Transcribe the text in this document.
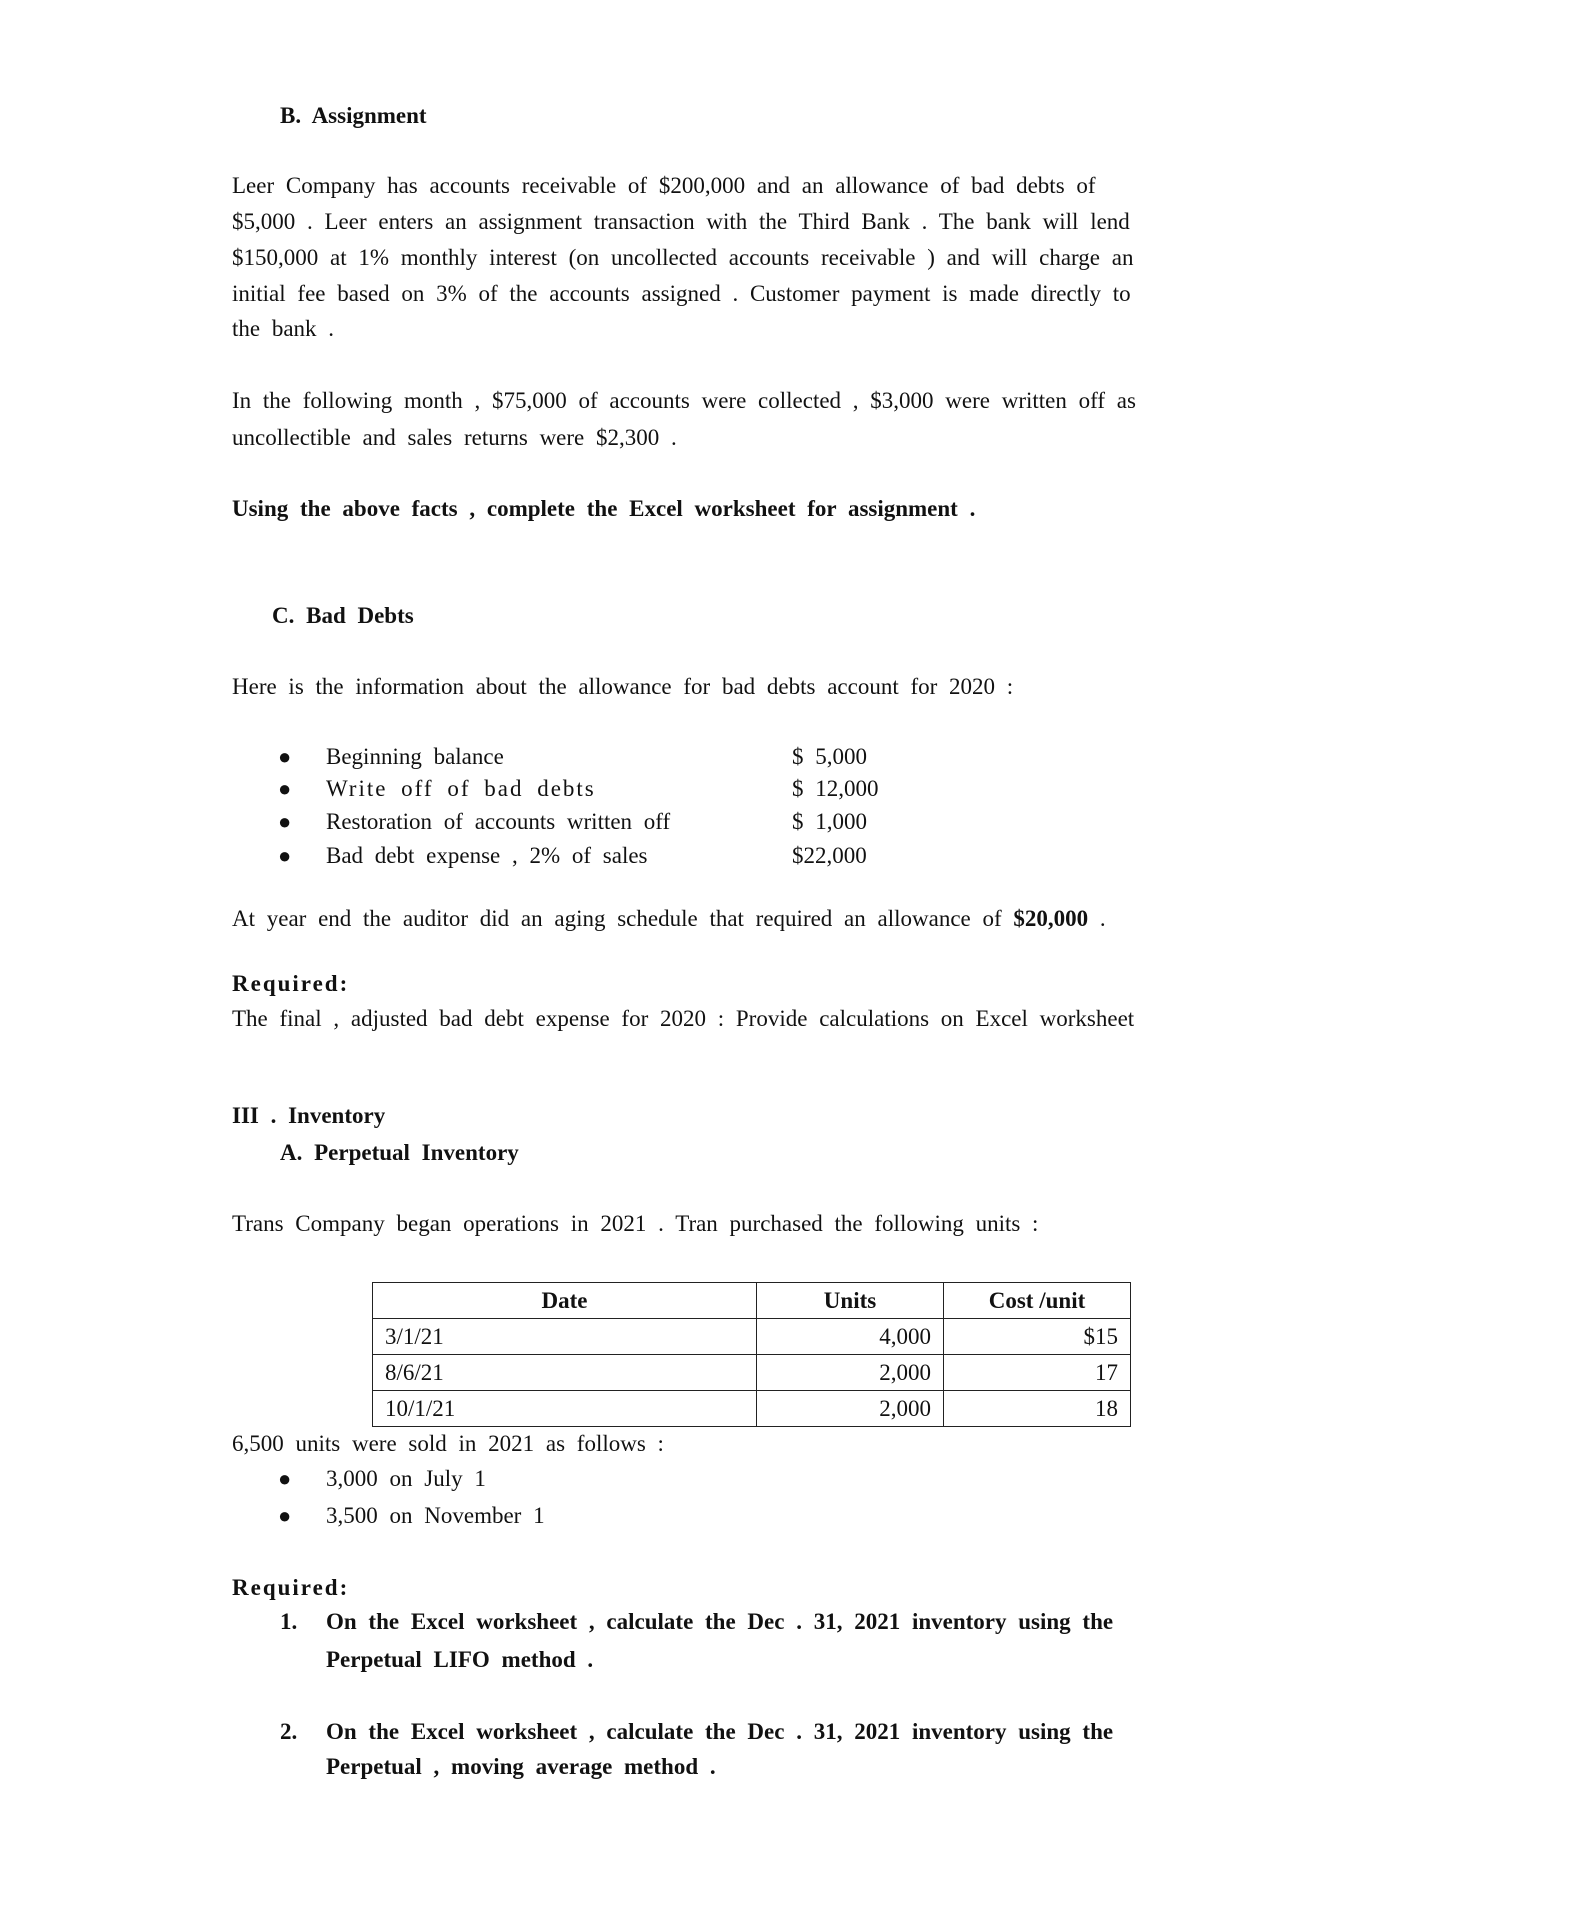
B. Assignment
Leer Company has accounts receivable of $200,000 and an allowance of bad debts of
$5,000 . Leer enters an assignment transaction with the Third Bank . The bank will lend
$150,000 at 1% monthly interest (on uncollected accounts receivable ) and will charge an
initial fee based on 3% of the accounts assigned . Customer payment is made directly to
the bank .
In the following month , $75,000 of accounts were collected , $3,000 were written off as
uncollectible and sales returns were $2,300 .
Using the above facts , complete the Excel worksheet for assignment .
C. Bad Debts
Here is the information about the allowance for bad debts account for 2020 :
● Beginning balance	$ 5,000
● Write off of bad debts	$ 12,000
● Restoration of accounts written off	$ 1,000
● Bad debt expense , 2% of sales	$22,000
At year end the auditor did an aging schedule that required an allowance of $20,000 .
Required:
The final , adjusted bad debt expense for 2020 : Provide calculations on Excel worksheet
III . Inventory
A. Perpetual Inventory
Trans Company began operations in 2021 . Tran purchased the following units :
Date	Units	Cost /unit
3/1/21	4,000	$15
8/6/21	2,000	17
10/1/21	2,000	18
6,500 units were sold in 2021 as follows :
● 3,000 on July 1
● 3,500 on November 1
Required:
1. On the Excel worksheet , calculate the Dec . 31, 2021 inventory using the
Perpetual LIFO method .
2. On the Excel worksheet , calculate the Dec . 31, 2021 inventory using the
Perpetual , moving average method .
